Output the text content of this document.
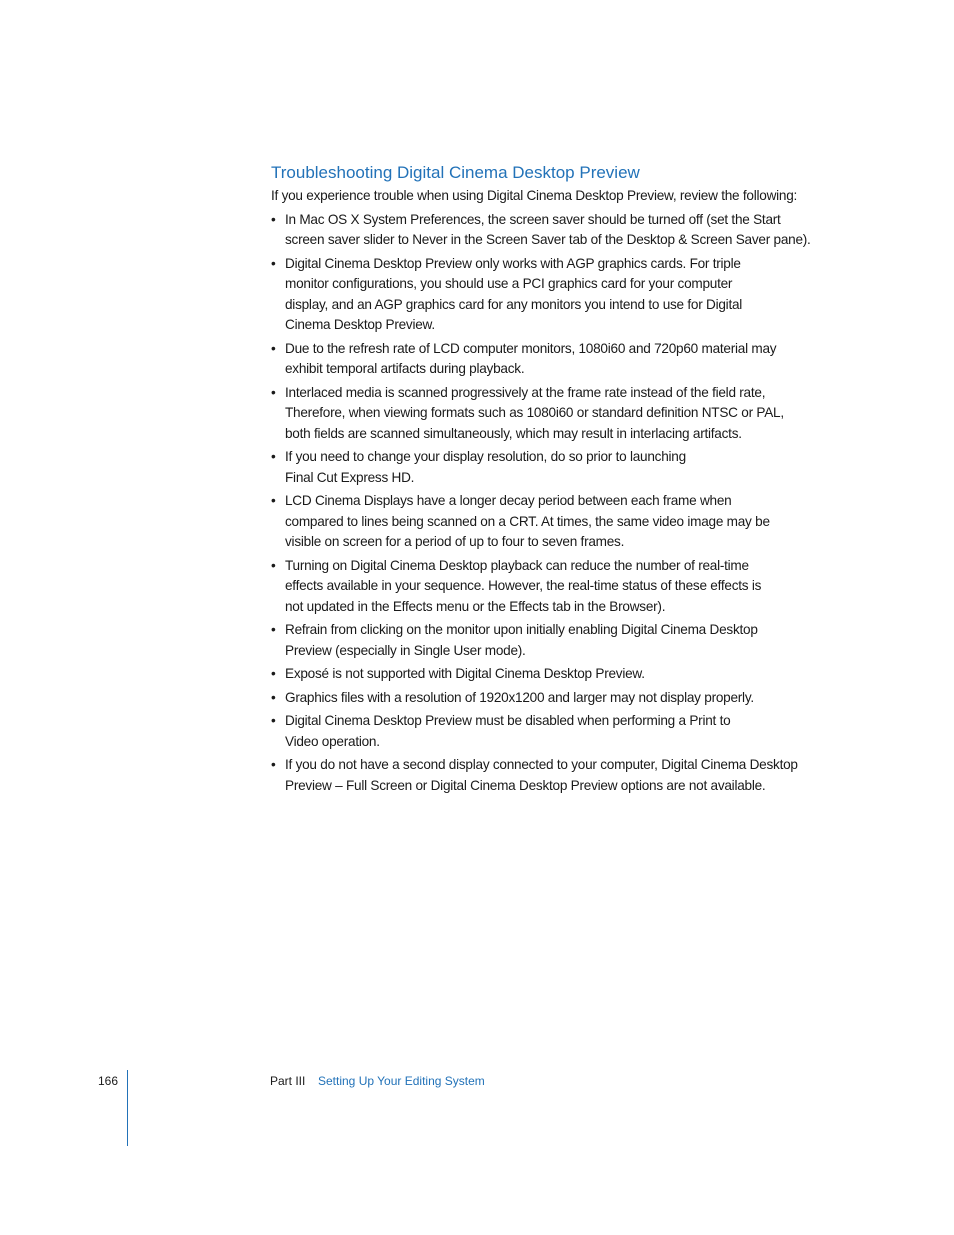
Troubleshooting Digital Cinema Desktop Preview

If you experience trouble when using Digital Cinema Desktop Preview, review the following:

• In Mac OS X System Preferences, the screen saver should be turned off (set the Start
screen saver slider to Never in the Screen Saver tab of the Desktop & Screen Saver pane).
• Digital Cinema Desktop Preview only works with AGP graphics cards. For triple
monitor configurations, you should use a PCI graphics card for your computer
display, and an AGP graphics card for any monitors you intend to use for Digital
Cinema Desktop Preview.
• Due to the refresh rate of LCD computer monitors, 1080i60 and 720p60 material may
exhibit temporal artifacts during playback.
• Interlaced media is scanned progressively at the frame rate instead of the field rate,
Therefore, when viewing formats such as 1080i60 or standard definition NTSC or PAL,
both fields are scanned simultaneously, which may result in interlacing artifacts.
• If you need to change your display resolution, do so prior to launching
Final Cut Express HD.
• LCD Cinema Displays have a longer decay period between each frame when
compared to lines being scanned on a CRT. At times, the same video image may be
visible on screen for a period of up to four to seven frames.
• Turning on Digital Cinema Desktop playback can reduce the number of real-time
effects available in your sequence. However, the real-time status of these effects is
not updated in the Effects menu or the Effects tab in the Browser).
• Refrain from clicking on the monitor upon initially enabling Digital Cinema Desktop
Preview (especially in Single User mode).
• Exposé is not supported with Digital Cinema Desktop Preview.
• Graphics files with a resolution of 1920x1200 and larger may not display properly.
• Digital Cinema Desktop Preview must be disabled when performing a Print to
Video operation.
• If you do not have a second display connected to your computer, Digital Cinema Desktop
Preview – Full Screen or Digital Cinema Desktop Preview options are not available.
166	Part III Setting Up Your Editing System
